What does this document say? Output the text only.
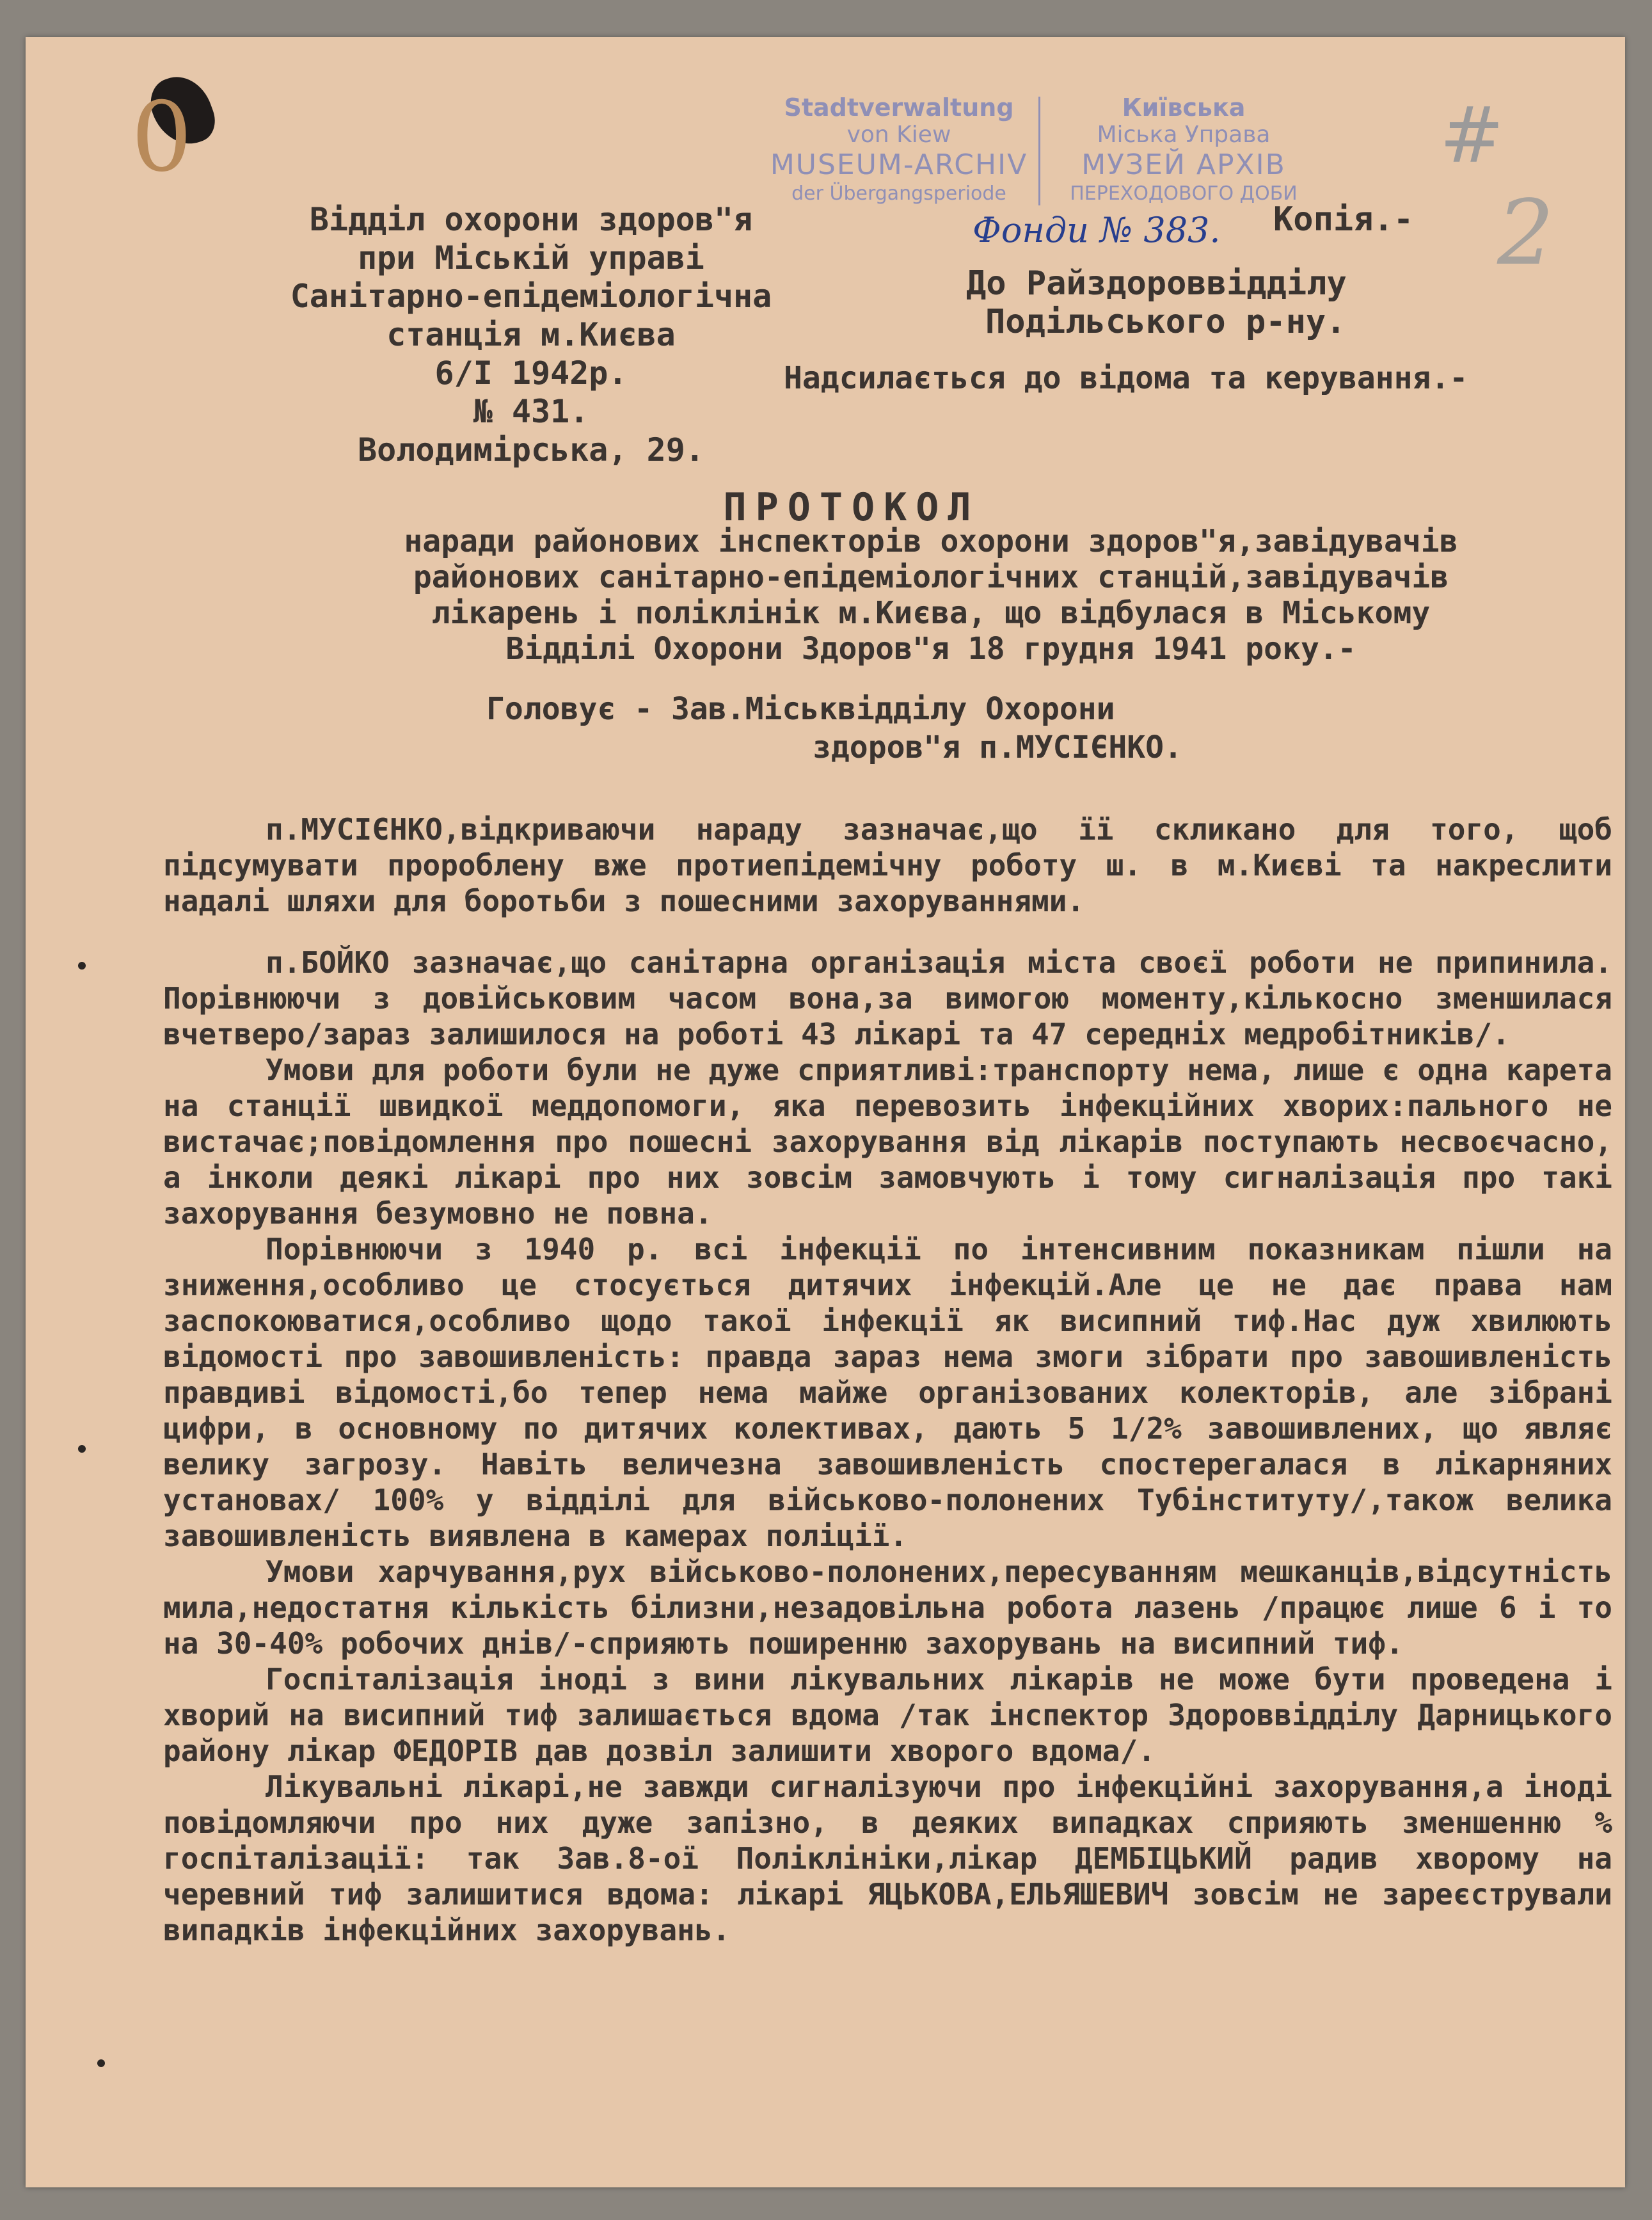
0	#
2
Stadtverwaltung
von Kiew
MUSEUM-ARCHIV
der Übergangsperiode
Київська
Міська Управа
МУЗЕЙ АРХІВ
ПЕРЕХОДОВОГО ДОБИ
Фонди № 383.
Відділ охорони здоров"я
при Міській управі
Санітарно-епідеміологічна
станція м.Києва
6/І 1942р.
№ 431.
Володимірська, 29.
Копія.-
До Райздороввідділу
Подільського р-ну.
Надсилається до відома та керування.-
ПРОТОКОЛ
наради районових інспекторів охорони здоров"я,завідувачів
районових санітарно-епідеміологічних станцій,завідувачів
лікарень і поліклінік м.Києва, що відбулася в Міському
Відділі Охорони Здоров"я 18 грудня 1941 року.-
Головує - Зав.Міськвідділу Охорони
здоров"я п.МУСІЄНКО.

п.МУСІЄНКО,відкриваючи нараду зазначає,що її скликано для того, щоб підсумувати пророблену вже протиепідемічну роботу ш. в м.Києві та накреслити надалі шляхи для боротьби з пошесними захоруваннями.

п.БОЙКО зазначає,що санітарна організація міста своєї роботи не припинила. Порівнюючи з довійськовим часом вона,за вимогою моменту,кількосно зменшилася вчетверо/зараз залишилося на роботі 43 лікарі та 47 середніх медробітників/.

Умови для роботи були не дуже сприятливі:транспорту нема, лише є одна карета на станції швидкої меддопомоги, яка перевозить інфекційних хворих:пального не вистачає;повідомлення про пошесні захорування від лікарів поступають несвоєчасно, а інколи деякі лікарі про них зовсім замовчують і тому сигналізація про такі захорування безумовно не повна.

Порівнюючи з 1940 р. всі інфекції по інтенсивним показникам пішли на зниження,особливо це стосується дитячих інфекцій.Але це не дає права нам заспокоюватися,особливо щодо такої інфекції як висипний тиф.Нас дуж хвилюють відомості про завошивленість: правда зараз нема змоги зібрати про завошивленість правдиві відомості,бо тепер нема майже організованих колекторів, але зібрані цифри, в основному по дитячих колективах, дають 5 1/2% завошивлених, що являє велику загрозу. Навіть величезна завошивленість спостерегалася в лікарняних установах/ 100% у відділі для військово-полонених Тубінституту/,також велика завошивленість виявлена в камерах поліції.

Умови харчування,рух військово-полонених,пересуванням мешканців,відсутність мила,недостатня кількість білизни,незадовільна робота лазень /працює лише 6 і то на 30-40% робочих днів/-сприяють поширенню захорувань на висипний тиф.

Госпіталізація іноді з вини лікувальних лікарів не може бути проведена і хворий на висипний тиф залишається вдома /так інспектор Здороввідділу Дарницького району лікар ФЕДОРІВ дав дозвіл залишити хворого вдома/.

Лікувальні лікарі,не завжди сигналізуючи про інфекційні захорування,а іноді повідомляючи про них дуже запізно, в деяких випадках сприяють зменшенню % госпіталізації: так Зав.8-ої Поліклініки,лікар ДЕМБІЦЬКИЙ радив хворому на черевний тиф залишитися вдома: лікарі ЯЦЬКОВА,ЕЛЬЯШЕВИЧ зовсім не зареєстрували випадків інфекційних захорувань.
